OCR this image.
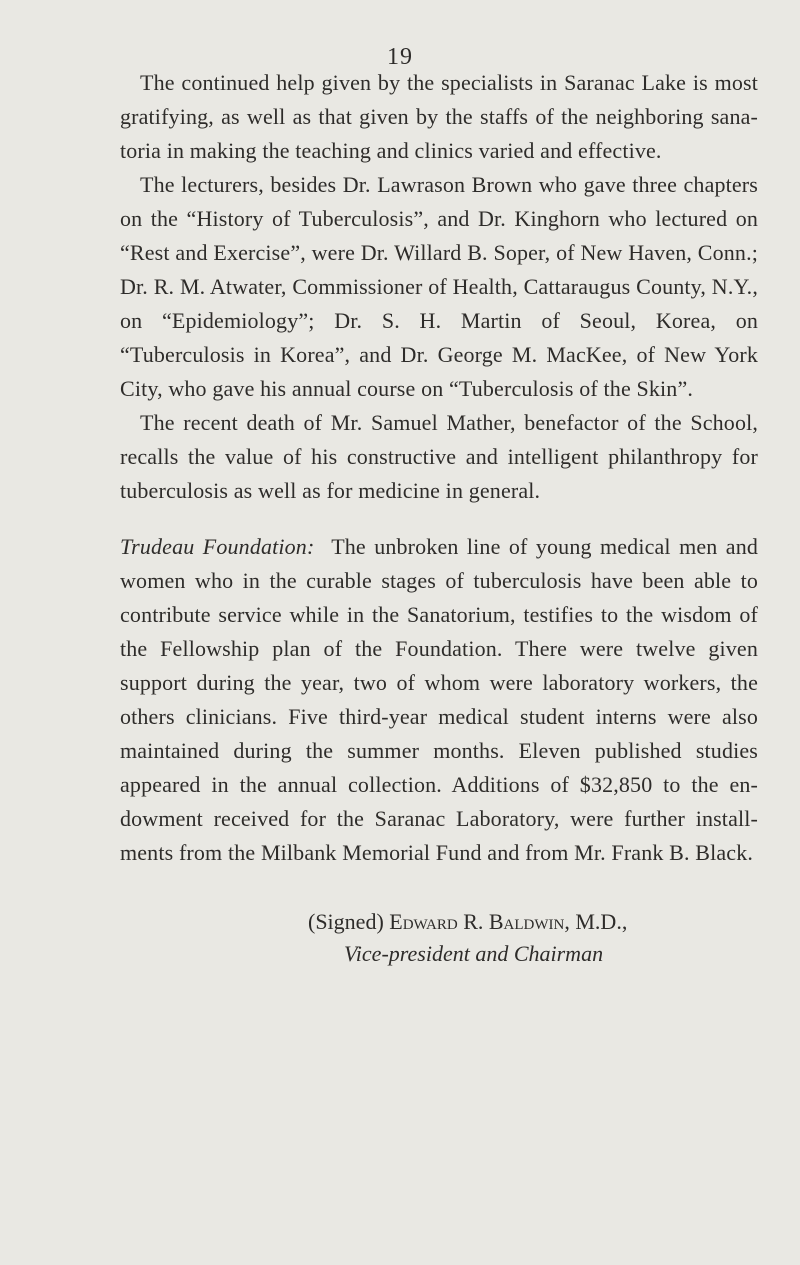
19

The continued help given by the specialists in Saranac Lake is most gratifying, as well as that given by the staffs of the neighboring sana- toria in making the teaching and clinics varied and effective.

The lecturers, besides Dr. Lawrason Brown who gave three chapters on the “History of Tuberculosis”, and Dr. Kinghorn who lectured on “Rest and Exercise”, were Dr. Willard B. Soper, of New Haven, Conn.; Dr. R. M. Atwater, Commissioner of Health, Cattaraugus County, N.Y., on “Epidemiology”; Dr. S. H. Martin of Seoul, Korea, on “Tuberculosis in Korea”, and Dr. George M. MacKee, of New York City, who gave his annual course on “Tuberculosis of the Skin”.

The recent death of Mr. Samuel Mather, benefactor of the School, recalls the value of his constructive and intelligent philanthropy for tuberculosis as well as for medicine in general.

Trudeau Foundation: The unbroken line of young medical men and women who in the curable stages of tuberculosis have been able to contribute service while in the Sanatorium, testifies to the wisdom of the Fellowship plan of the Foundation. There were twelve given support during the year, two of whom were laboratory workers, the others clinicians. Five third-year medical student interns were also maintained during the summer months. Eleven published studies appeared in the annual collection. Additions of $32,850 to the en- dowment received for the Saranac Laboratory, were further install- ments from the Milbank Memorial Fund and from Mr. Frank B. Black.

(Signed) Edward R. Baldwin, M.D.,
Vice-president and Chairman
